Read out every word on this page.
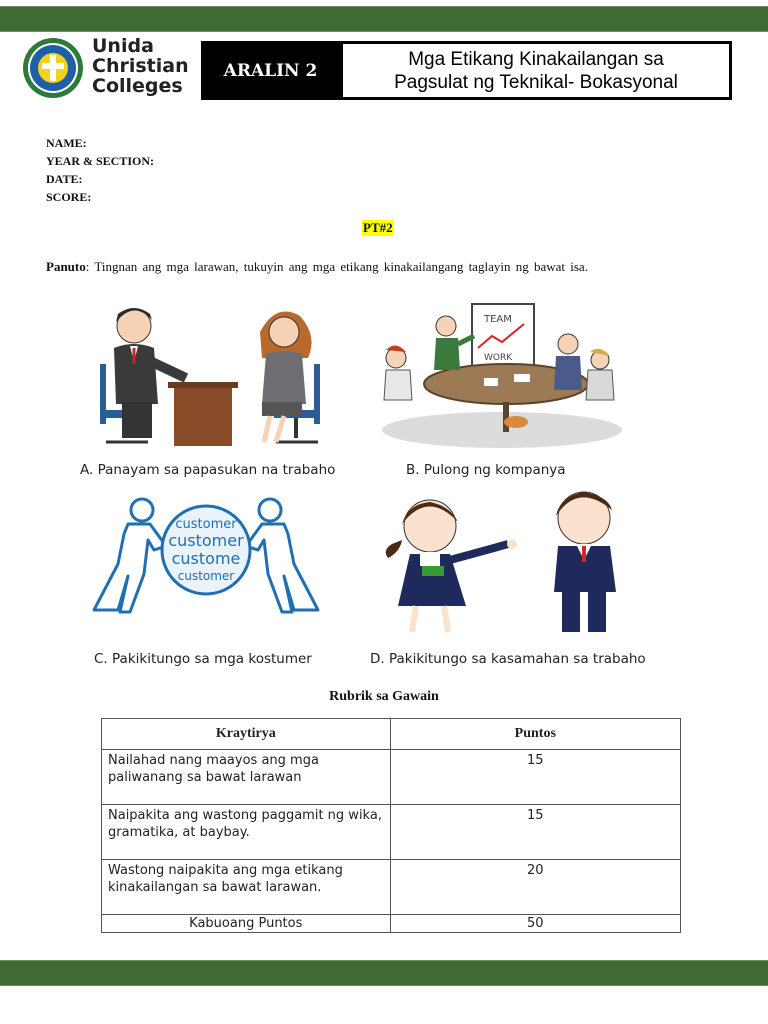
Unida
Christian
Colleges
ARALIN 2
Mga Etikang Kinakailangan sa
Pagsulat ng Teknikal- Bokasyonal
NAME:
YEAR & SECTION:
DATE:
SCORE:
PT#2
Panuto: Tingnan ang mga larawan, tukuyin ang mga etikang kinakailangang taglayin ng bawat isa.
A. Panayam sa papasukan na trabaho
TEAM
WORK
B. Pulong ng kompanya
customer
customer
custome
customer
C. Pakikitungo sa mga kostumer	D. Pakikitungo sa kasamahan sa trabaho
Rubrik sa Gawain
Kraytirya	Puntos
Nailahad nang maayos ang mga paliwanang sa bawat larawan	15
Naipakita ang wastong paggamit ng wika, gramatika, at baybay.	15
Wastong naipakita ang mga etikang kinakailangan sa bawat larawan.	20
Kabuoang Puntos	50
